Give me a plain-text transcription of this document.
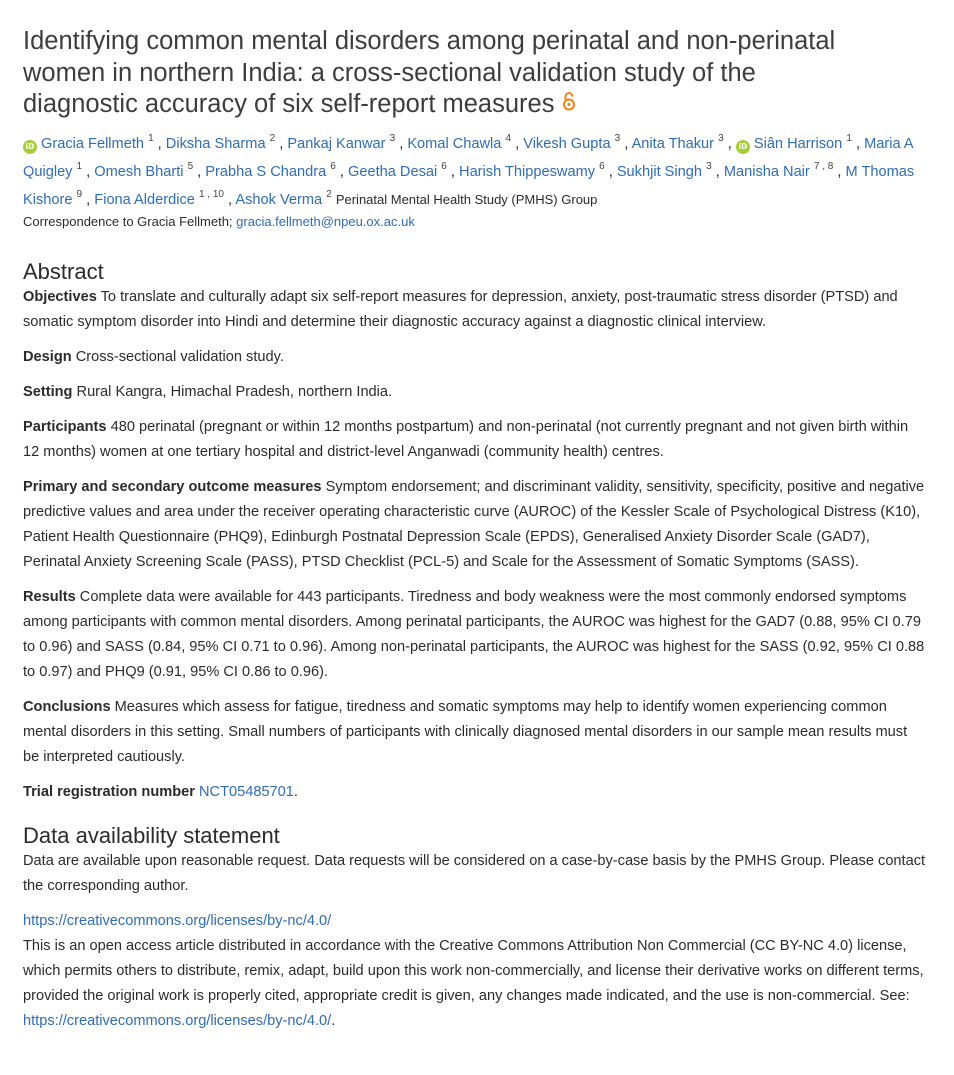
Identifying common mental disorders among perinatal and non-perinatal women in northern India: a cross-sectional validation study of the diagnostic accuracy of six self-report measures
iD Gracia Fellmeth $^1$ , Diksha Sharma $^2$ , Pankaj Kanwar $^3$ , Komal Chawla $^4$ , Vikesh Gupta $^3$ , Anita Thakur $^3$ , iD Siân Harrison $^1$ , Maria A Quigley $^1$ , Omesh Bharti $^5$ , Prabha S Chandra $^6$ , Geetha Desai $^6$ , Harish Thippeswamy $^6$ , Sukhjit Singh $^3$ , Manisha Nair $^{7 , 8}$ , M Thomas Kishore $^9$ , Fiona Alderdice $^{1 , 10}$ , Ashok Verma $^2$ Perinatal Mental Health Study (PMHS) Group
Correspondence to Gracia Fellmeth; gracia.fellmeth@npeu.ox.ac.uk
Abstract

Objectives To translate and culturally adapt six self-report measures for depression, anxiety, post-traumatic stress disorder (PTSD) and somatic symptom disorder into Hindi and determine their diagnostic accuracy against a diagnostic clinical interview.

Design Cross-sectional validation study.

Setting Rural Kangra, Himachal Pradesh, northern India.

Participants 480 perinatal (pregnant or within 12 months postpartum) and non-perinatal (not currently pregnant and not given birth within 12 months) women at one tertiary hospital and district-level Anganwadi (community health) centres.

Primary and secondary outcome measures Symptom endorsement; and discriminant validity, sensitivity, specificity, positive and negative predictive values and area under the receiver operating characteristic curve (AUROC) of the Kessler Scale of Psychological Distress (K10), Patient Health Questionnaire (PHQ9), Edinburgh Postnatal Depression Scale (EPDS), Generalised Anxiety Disorder Scale (GAD7), Perinatal Anxiety Screening Scale (PASS), PTSD Checklist (PCL-5) and Scale for the Assessment of Somatic Symptoms (SASS).

Results Complete data were available for 443 participants. Tiredness and body weakness were the most commonly endorsed symptoms among participants with common mental disorders. Among perinatal participants, the AUROC was highest for the GAD7 (0.88, 95% CI 0.79 to 0.96) and SASS (0.84, 95% CI 0.71 to 0.96). Among non-perinatal participants, the AUROC was highest for the SASS (0.92, 95% CI 0.88 to 0.97) and PHQ9 (0.91, 95% CI 0.86 to 0.96).

Conclusions Measures which assess for fatigue, tiredness and somatic symptoms may help to identify women experiencing common mental disorders in this setting. Small numbers of participants with clinically diagnosed mental disorders in our sample mean results must be interpreted cautiously.

Trial registration number NCT05485701.

Data availability statement

Data are available upon reasonable request. Data requests will be considered on a case-by-case basis by the PMHS Group. Please contact the corresponding author.

https://creativecommons.org/licenses/by-nc/4.0/

This is an open access article distributed in accordance with the Creative Commons Attribution Non Commercial (CC BY-NC 4.0) license, which permits others to distribute, remix, adapt, build upon this work non-commercially, and license their derivative works on different terms, provided the original work is properly cited, appropriate credit is given, any changes made indicated, and the use is non-commercial. See: https://creativecommons.org/licenses/by-nc/4.0/.
